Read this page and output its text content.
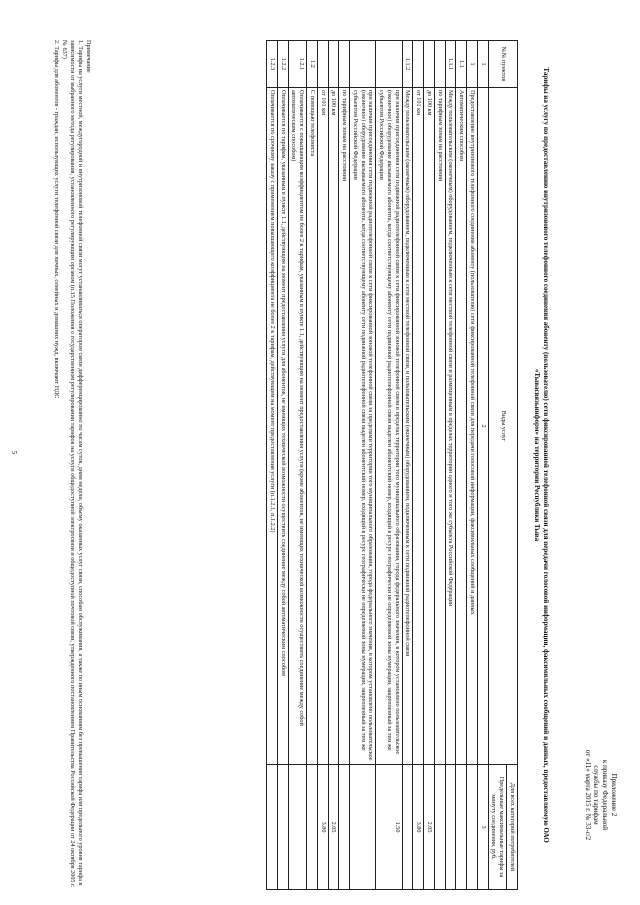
Приложение 2
к приказу Федеральной
службы по тарифам
от «11» марта 2015 г. № 33-с/2
Тарифы на услугу по предоставлению внутризонового телефонного соединения абоненту (пользователю) сети фиксированной телефонной связи для передачи голосовой информации, факсимильных сообщений и данных, предоставляемую ОАО «Тывасвязьинформ» на территории Республики Тыва
№№ пунктов	Виды услуг	Для всех категорий потребителей
		Предельные максимальные тарифы за минуту соединения, руб.
1	2	3
1	Предоставление внутризонового телефонного соединения абоненту (пользователю) сети фиксированной телефонной связи для передачи голосовой информации, факсимильных сообщений и данных	
1.1	Автоматическим способом	
1.1.1	Между пользовательским (оконечным) оборудованием, подключенным к сети местной телефонной связи и размещенным в пределах территории одного и того же субъекта Российской Федерации	
	по тарифным зонам на расстоянии	
	до 100 км	2.05
	от 101 км	3.80
1.1.2	Между пользовательским (оконечным) оборудованием, подключенным к сети местной телефонной связи, и пользовательским (оконечным) оборудованием, подключенным к сети подвижной радиотелефонной связи	
	при наличии присоединения сети подвижной радиотелефонной связи к сети фиксированной зоновой телефонной связи в пределах территории того муниципального образования, города федерального значения, в котором установлено пользовательское (оконечное) оборудование вызываемого абонента, когда соответствующему абоненту сети подвижной радиотелефонной связи выделен абонентский номер, входящий в ресурс географически не определяемой зоны нумерации, закрепленный за тем же субъектом Российской Федерации	1.50
	при наличии присоединения сети подвижной радиотелефонной связи к сети фиксированной зоновой телефонной связи за пределами территории того муниципального образования, города федерального значения, в котором установлено пользовательское (оконечное) оборудование вызываемого абонента, когда соответствующему абоненту сети подвижной радиотелефонной связи выделен абонентский номер, входящий в ресурс географически не определяемой зоны нумерации, закрепленный за тем же субъектом Российской Федерации	
	по тарифным зонам на расстоянии	
	до 100 км	2.05
	от 101 км	3.80
1.2	С помощью телефониста	
1.2.1	Оплачивается с повышающим коэффициентом не более 2 к тарифам, указанным в пункте 1.1, действующим на момент предоставления услуги (кроме абонентов, не имеющих технической возможности осуществить соединение между собой автоматическим способом)	
1.2.2	Оплачивается по тарифам, указанным в пункте 1.1, действующим на момент предоставления услуги для абонентов, не имеющих технической возможности осуществить соединение между собой автоматическим способом	
1.2.3	Оплачивается по срочному заказу с применением повышающего коэффициента не более 2 к тарифам, действующим на момент предоставления услуги (п.1.2.1, п.1.2.2)	
Примечание
1. Тарифы на услуги местной, междугородной и внутризоновой телефонной связи могут устанавливаться оператором связи дифференцированно по часам суток, дням недели, объему оказанных услуг связи, способам обслуживания, а также по иным основаниям без превышения тарифа или предельного уровня тарифа в зависимости от выбранного метода регулирования, установленного регулирующим органом (п.15 Положения о государственном регулировании тарифов на услуги общедоступной электросвязи и общедоступной почтовой связи, утвержденного постановлением Правительства Российской Федерации от 24 октября 2005 г. № 637)
2. Тарифы для абонентов - граждан, использующих услуги телефонной связи для личных, семейных и домашних нужд, включают НДС
5
